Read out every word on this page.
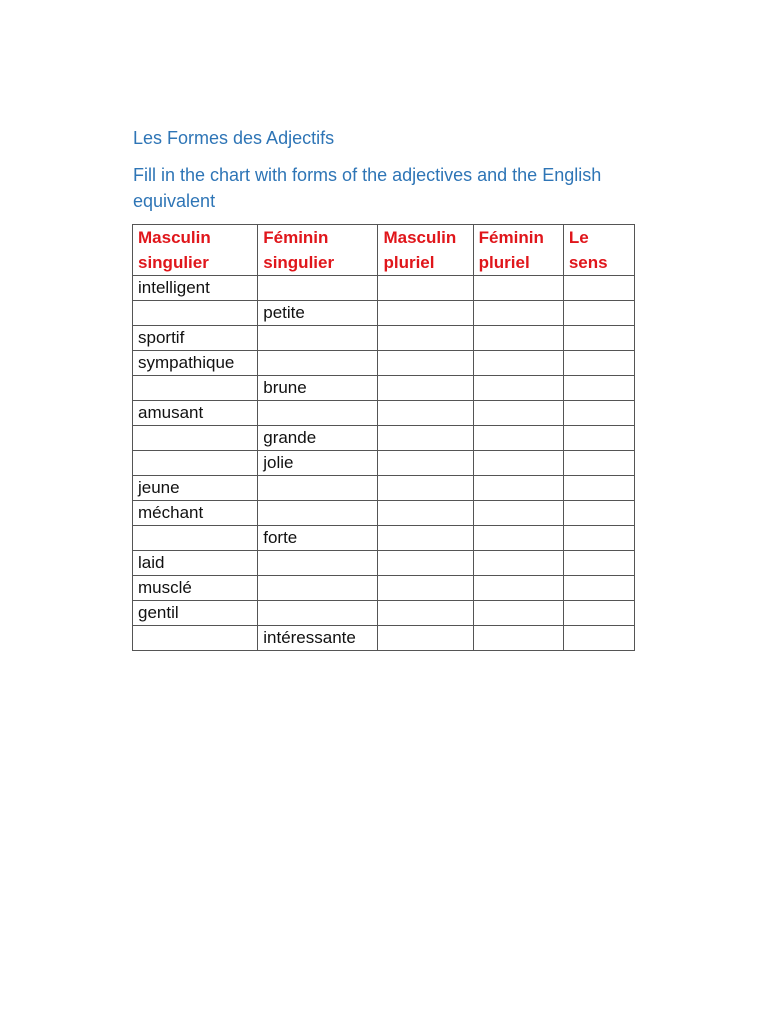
Les Formes des Adjectifs
Fill in the chart with forms of the adjectives and the English equivalent
Masculin singulier	Féminin singulier	Masculin pluriel	Féminin pluriel	Le sens
intelligent				
	petite			
sportif				
sympathique				
	brune			
amusant				
	grande			
	jolie			
jeune				
méchant				
	forte			
laid				
musclé				
gentil				
	intéressante			
